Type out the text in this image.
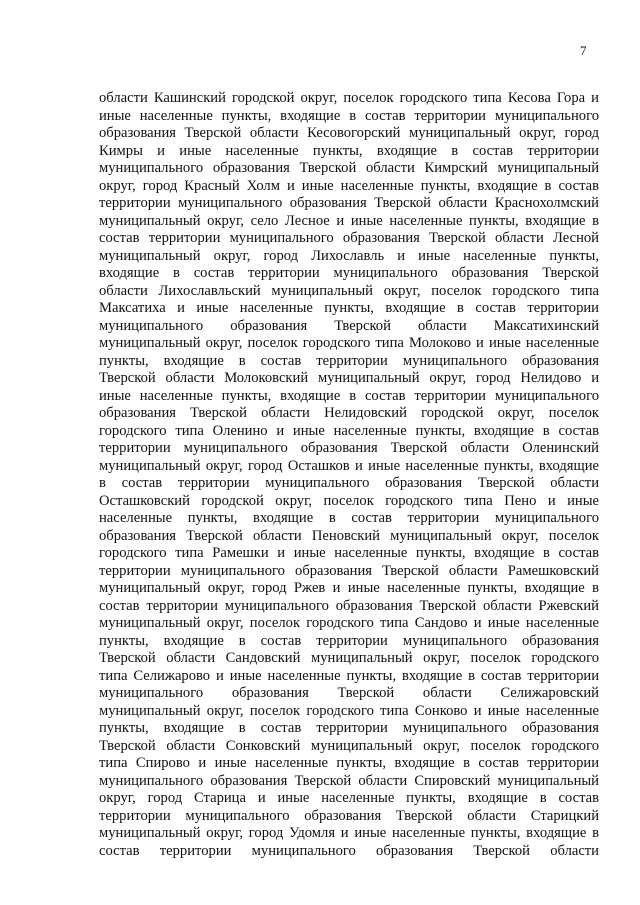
7
области Кашинский городской округ, поселок городского типа Кесова Гора и
иные населенные пункты, входящие в состав территории муниципального
образования Тверской области Кесовогорский муниципальный округ, город
Кимры и иные населенные пункты, входящие в состав территории
муниципального образования Тверской области Кимрский муниципальный
округ, город Красный Холм и иные населенные пункты, входящие в состав
территории муниципального образования Тверской области Краснохолмский
муниципальный округ, село Лесное и иные населенные пункты, входящие в
состав территории муниципального образования Тверской области Лесной
муниципальный округ, город Лихославль и иные населенные пункты,
входящие в состав территории муниципального образования Тверской
области Лихославльский муниципальный округ, поселок городского типа
Максатиха и иные населенные пункты, входящие в состав территории
муниципального образования Тверской области Максатихинский
муниципальный округ, поселок городского типа Молоково и иные населенные
пункты, входящие в состав территории муниципального образования
Тверской области Молоковский муниципальный округ, город Нелидово и
иные населенные пункты, входящие в состав территории муниципального
образования Тверской области Нелидовский городской округ, поселок
городского типа Оленино и иные населенные пункты, входящие в состав
территории муниципального образования Тверской области Оленинский
муниципальный округ, город Осташков и иные населенные пункты, входящие
в состав территории муниципального образования Тверской области
Осташковский городской округ, поселок городского типа Пено и иные
населенные пункты, входящие в состав территории муниципального
образования Тверской области Пеновский муниципальный округ, поселок
городского типа Рамешки и иные населенные пункты, входящие в состав
территории муниципального образования Тверской области Рамешковский
муниципальный округ, город Ржев и иные населенные пункты, входящие в
состав территории муниципального образования Тверской области Ржевский
муниципальный округ, поселок городского типа Сандово и иные населенные
пункты, входящие в состав территории муниципального образования
Тверской области Сандовский муниципальный округ, поселок городского
типа Селижарово и иные населенные пункты, входящие в состав территории
муниципального образования Тверской области Селижаровский
муниципальный округ, поселок городского типа Сонково и иные населенные
пункты, входящие в состав территории муниципального образования
Тверской области Сонковский муниципальный округ, поселок городского
типа Спирово и иные населенные пункты, входящие в состав территории
муниципального образования Тверской области Спировский муниципальный
округ, город Старица и иные населенные пункты, входящие в состав
территории муниципального образования Тверской области Старицкий
муниципальный округ, город Удомля и иные населенные пункты, входящие в
состав территории муниципального образования Тверской области
